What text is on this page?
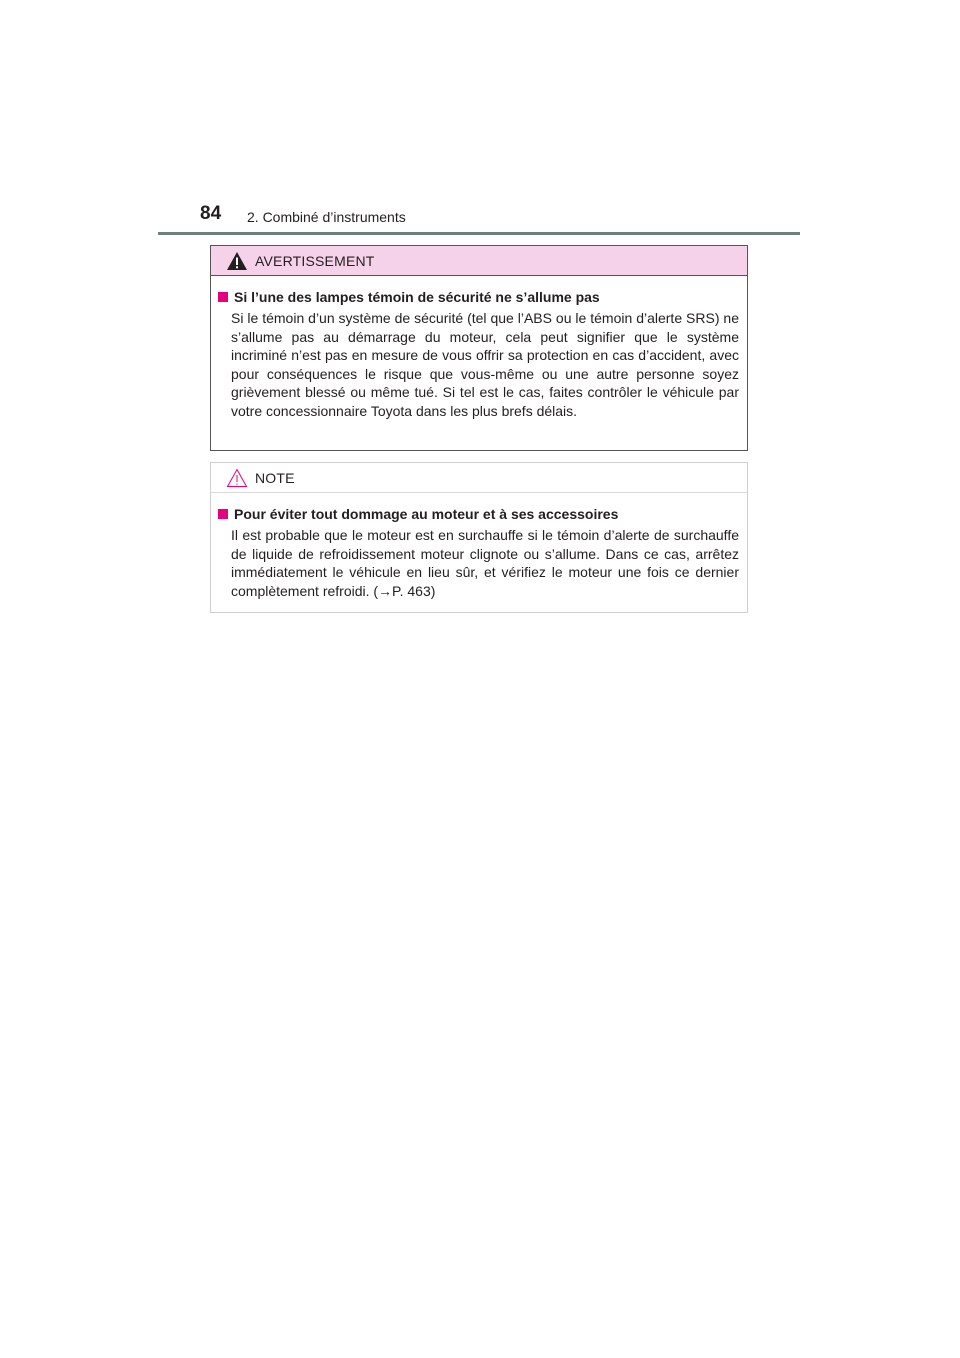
84 2. Combiné d’instruments
AVERTISSEMENT
Si l’une des lampes témoin de sécurité ne s’allume pas

Si le témoin d’un système de sécurité (tel que l’ABS ou le témoin d’alerte SRS) ne s’allume pas au démarrage du moteur, cela peut signifier que le système incriminé n’est pas en mesure de vous offrir sa protection en cas d’accident, avec pour conséquences le risque que vous-même ou une autre personne soyez grièvement blessé ou même tué. Si tel est le cas, faites contrôler le véhicule par votre concessionnaire Toyota dans les plus brefs délais.

NOTE
Pour éviter tout dommage au moteur et à ses accessoires

Il est probable que le moteur est en surchauffe si le témoin d’alerte de surchauffe de liquide de refroidissement moteur clignote ou s’allume. Dans ce cas, arrêtez immédiatement le véhicule en lieu sûr, et vérifiez le moteur une fois ce dernier complètement refroidi. (→P. 463)
